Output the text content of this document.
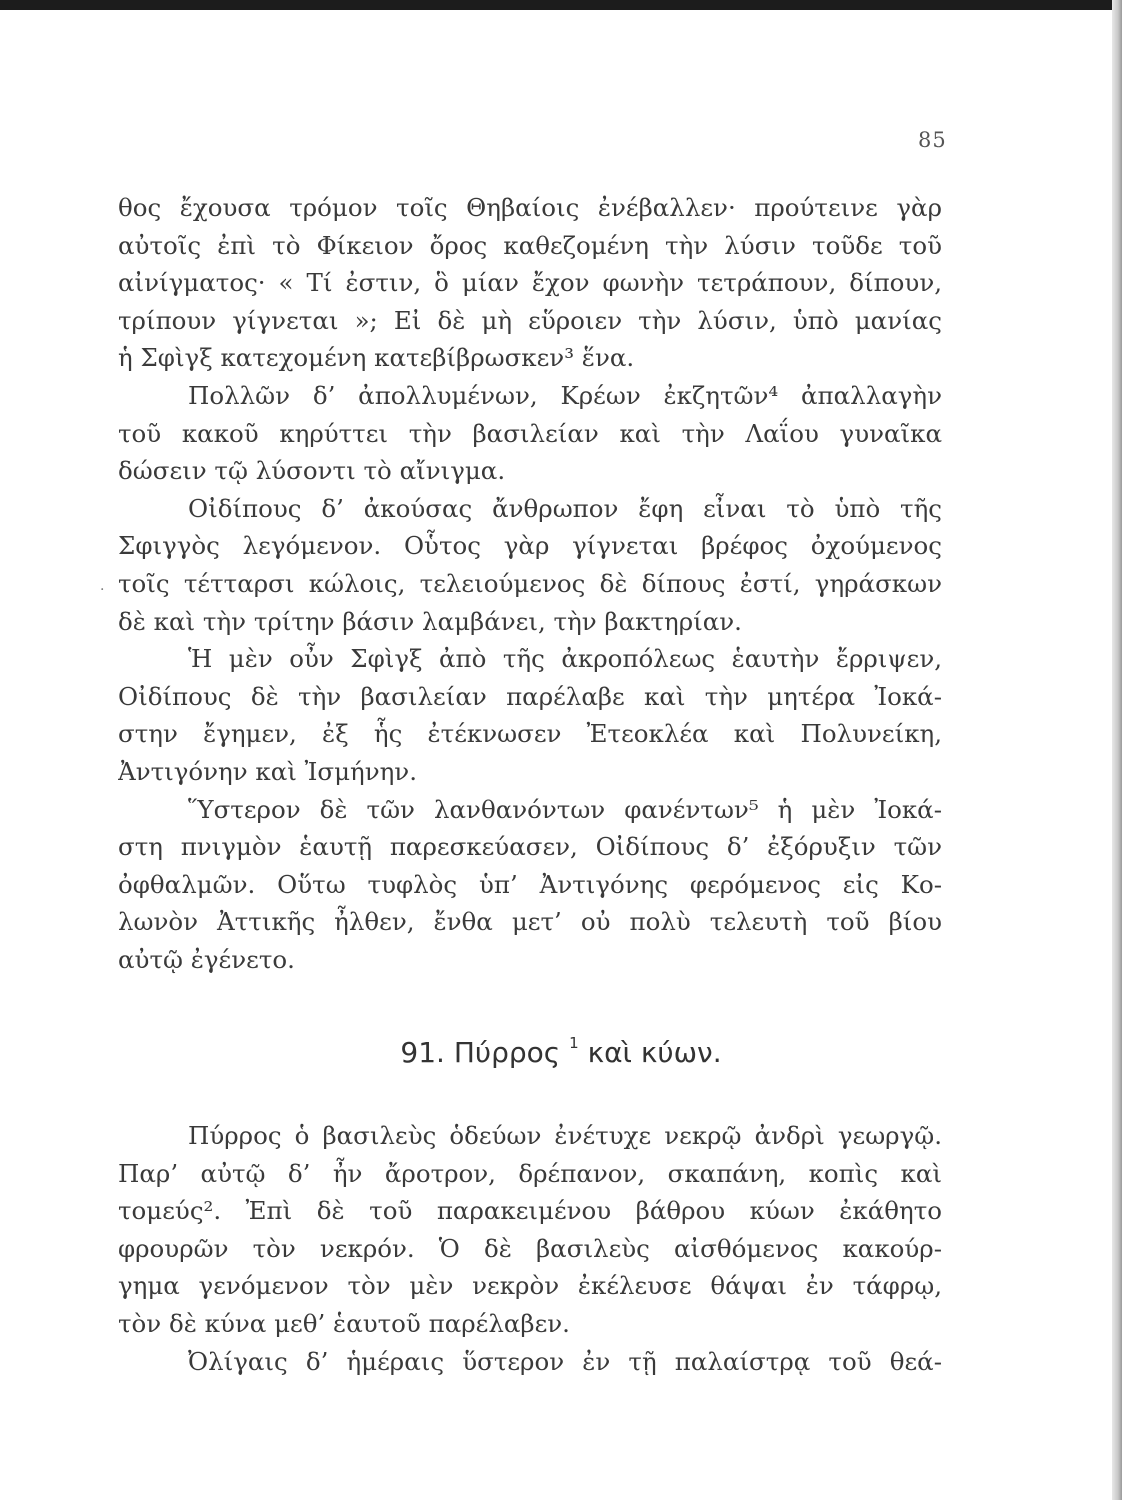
85
·
θος ἔχουσα τρόμον τοῖς Θηβαίοις ἐνέβαλλεν· προύτεινε γὰρ
αὐτοῖς ἐπὶ τὸ Φίκειον ὄρος καθεζομένη τὴν λύσιν τοῦδε τοῦ
αἰνίγματος· « Τί ἐστιν, ὃ μίαν ἔχον φωνὴν τετράπουν, δίπουν,
τρίπουν γίγνεται »; Εἰ δὲ μὴ εὕροιεν τὴν λύσιν, ὑπὸ μανίας
ἡ Σφὶγξ κατεχομένη κατεβίβρωσκεν³ ἕνα.
Πολλῶν δ’ ἀπολλυμένων, Κρέων ἐκζητῶν⁴ ἀπαλλαγὴν
τοῦ κακοῦ κηρύττει τὴν βασιλείαν καὶ τὴν Λαΐου γυναῖκα
δώσειν τῷ λύσοντι τὸ αἴνιγμα.
Οἰδίπους δ’ ἀκούσας ἄνθρωπον ἔφη εἶναι τὸ ὑπὸ τῆς
Σφιγγὸς λεγόμενον. Οὗτος γὰρ γίγνεται βρέφος ὀχούμενος
τοῖς τέτταρσι κώλοις, τελειούμενος δὲ δίπους ἐστί, γηράσκων
δὲ καὶ τὴν τρίτην βάσιν λαμβάνει, τὴν βακτηρίαν.
Ἡ μὲν οὖν Σφὶγξ ἀπὸ τῆς ἀκροπόλεως ἑαυτὴν ἔρριψεν,
Οἰδίπους δὲ τὴν βασιλείαν παρέλαβε καὶ τὴν μητέρα Ἰοκά-
στην ἔγημεν, ἐξ ἧς ἐτέκνωσεν Ἐτεοκλέα καὶ Πολυνείκη,
Ἀντιγόνην καὶ Ἰσμήνην.
Ὕστερον δὲ τῶν λανθανόντων φανέντων⁵ ἡ μὲν Ἰοκά-
στη πνιγμὸν ἑαυτῇ παρεσκεύασεν, Οἰδίπους δ’ ἐξόρυξιν τῶν
ὀφθαλμῶν. Οὕτω τυφλὸς ὑπ’ Ἀντιγόνης φερόμενος εἰς Κο-
λωνὸν Ἀττικῆς ἦλθεν, ἔνθα μετ’ οὐ πολὺ τελευτὴ τοῦ βίου
αὐτῷ ἐγένετο.
91. Πύρρος $^1$ καὶ κύων.
Πύρρος ὁ βασιλεὺς ὁδεύων ἐνέτυχε νεκρῷ ἀνδρὶ γεωργῷ.
Παρ’ αὐτῷ δ’ ἦν ἄροτρον, δρέπανον, σκαπάνη, κοπὶς καὶ
τομεύς². Ἐπὶ δὲ τοῦ παρακειμένου βάθρου κύων ἐκάθητο
φρουρῶν τὸν νεκρόν. Ὁ δὲ βασιλεὺς αἰσθόμενος κακούρ-
γημα γενόμενον τὸν μὲν νεκρὸν ἐκέλευσε θάψαι ἐν τάφρῳ,
τὸν δὲ κύνα μεθ’ ἑαυτοῦ παρέλαβεν.
Ὀλίγαις δ’ ἡμέραις ὕστερον ἐν τῇ παλαίστρᾳ τοῦ θεά-
